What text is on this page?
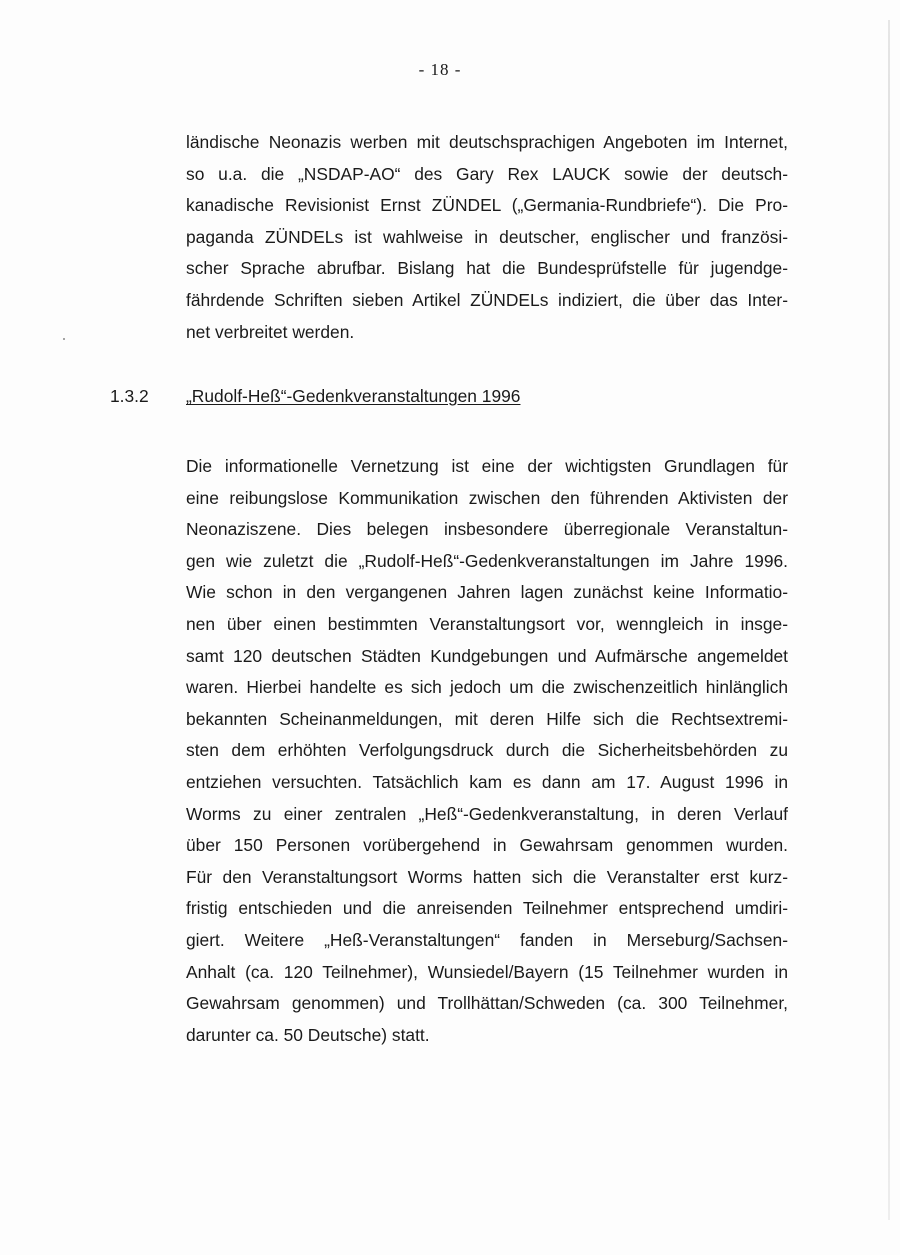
- 18 -
ländische Neonazis werben mit deutschsprachigen Angeboten im Internet,
so u.a. die „NSDAP-AO“ des Gary Rex LAUCK sowie der deutsch-
kanadische Revisionist Ernst ZÜNDEL („Germania-Rundbriefe“). Die Pro-
paganda ZÜNDELs ist wahlweise in deutscher, englischer und französi-
scher Sprache abrufbar. Bislang hat die Bundesprüfstelle für jugendge-
fährdende Schriften sieben Artikel ZÜNDELs indiziert, die über das Inter-
net verbreitet werden.
1.3.2 „Rudolf-Heß“-Gedenkveranstaltungen 1996
Die informationelle Vernetzung ist eine der wichtigsten Grundlagen für
eine reibungslose Kommunikation zwischen den führenden Aktivisten der
Neonaziszene. Dies belegen insbesondere überregionale Veranstaltun-
gen wie zuletzt die „Rudolf-Heß“-Gedenkveranstaltungen im Jahre 1996.
Wie schon in den vergangenen Jahren lagen zunächst keine Informatio-
nen über einen bestimmten Veranstaltungsort vor, wenngleich in insge-
samt 120 deutschen Städten Kundgebungen und Aufmärsche angemeldet
waren. Hierbei handelte es sich jedoch um die zwischenzeitlich hinlänglich
bekannten Scheinanmeldungen, mit deren Hilfe sich die Rechtsextremi-
sten dem erhöhten Verfolgungsdruck durch die Sicherheitsbehörden zu
entziehen versuchten. Tatsächlich kam es dann am 17. August 1996 in
Worms zu einer zentralen „Heß“-Gedenkveranstaltung, in deren Verlauf
über 150 Personen vorübergehend in Gewahrsam genommen wurden.
Für den Veranstaltungsort Worms hatten sich die Veranstalter erst kurz-
fristig entschieden und die anreisenden Teilnehmer entsprechend umdiri-
giert. Weitere „Heß-Veranstaltungen“ fanden in Merseburg/Sachsen-
Anhalt (ca. 120 Teilnehmer), Wunsiedel/Bayern (15 Teilnehmer wurden in
Gewahrsam genommen) und Trollhättan/Schweden (ca. 300 Teilnehmer,
darunter ca. 50 Deutsche) statt.
